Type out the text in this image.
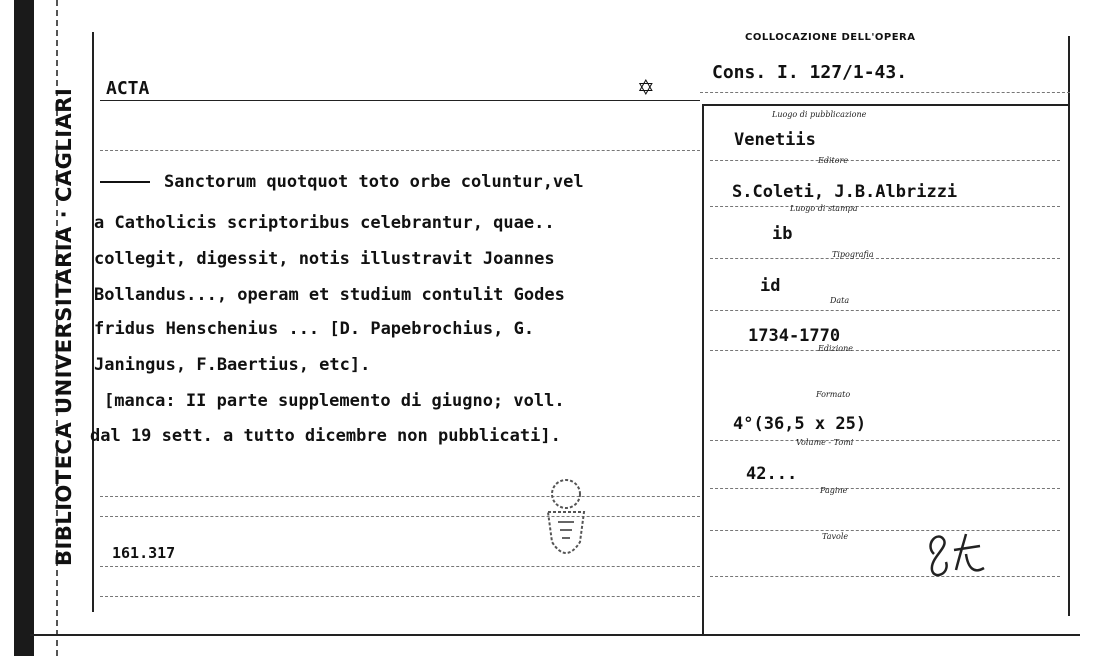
BIBLIOTECA UNIVERSITARIA · CAGLIARI
COLLOCAZIONE DELL'OPERA
Cons. I. 127/1-43.
ACTA	✡
Sanctorum quotquot toto orbe coluntur,vel
a Catholicis scriptoribus celebrantur, quae..
collegit, digessit, notis illustravit Joannes
Bollandus..., operam et studium contulit Godes
fridus Henschenius ... [D. Papebrochius, G.
Janingus, F.Baertius, etc].
[manca: II parte supplemento di giugno; voll.
dal 19 sett. a tutto dicembre non pubblicati].
Luogo di pubblicazione
Venetiis
Editore
S.Coleti, J.B.Albrizzi
Luogo di stampa
ib
Tipografia
id
Data
1734-1770
Edizione
Formato
4°(36,5 x 25)
Volume - Tomi
42...
Pagine
Tavole
161.317
